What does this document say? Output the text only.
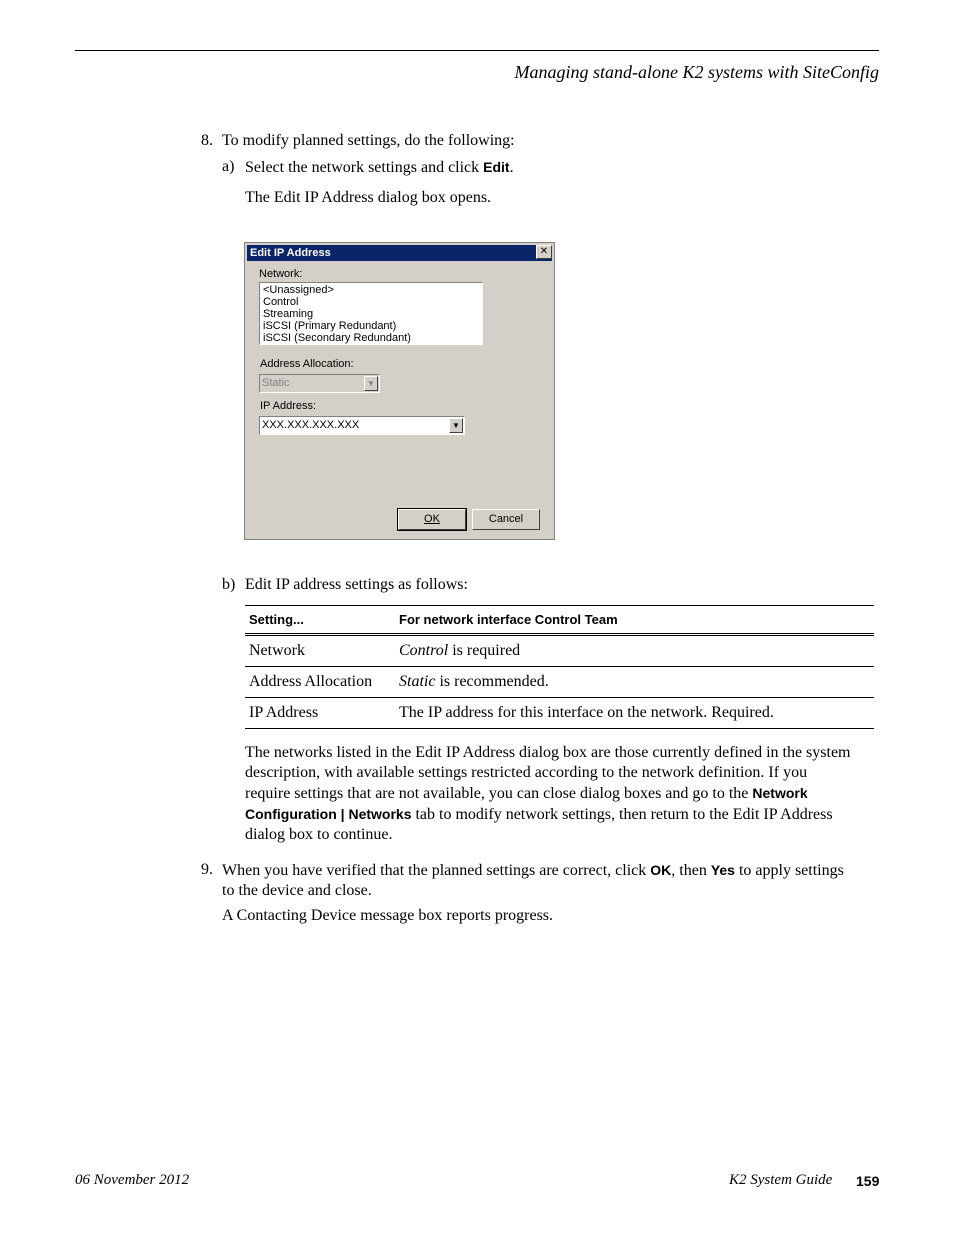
Managing stand-alone K2 systems with SiteConfig
8. To modify planned settings, do the following:
a) Select the network settings and click Edit.
The Edit IP Address dialog box opens.
Edit IP Address	✕
Network:
<Unassigned>
Control
Streaming
iSCSI (Primary Redundant)
iSCSI (Secondary Redundant)
Address Allocation:
Static	▼
IP Address:
XXX.XXX.XXX.XXX	▼
OK	Cancel
b) Edit IP address settings as follows:
Setting...	For network interface Control Team
Network	Control is required
Address Allocation	Static is recommended.
IP Address	The IP address for this interface on the network. Required.
The networks listed in the Edit IP Address dialog box are those currently defined in the system
description, with available settings restricted according to the network definition. If you
require settings that are not available, you can close dialog boxes and go to the Network
Configuration | Networks tab to modify network settings, then return to the Edit IP Address
dialog box to continue.
9. When you have verified that the planned settings are correct, click OK, then Yes to apply settings
to the device and close.
A Contacting Device message box reports progress.
06 November 2012	K2 System Guide 159
